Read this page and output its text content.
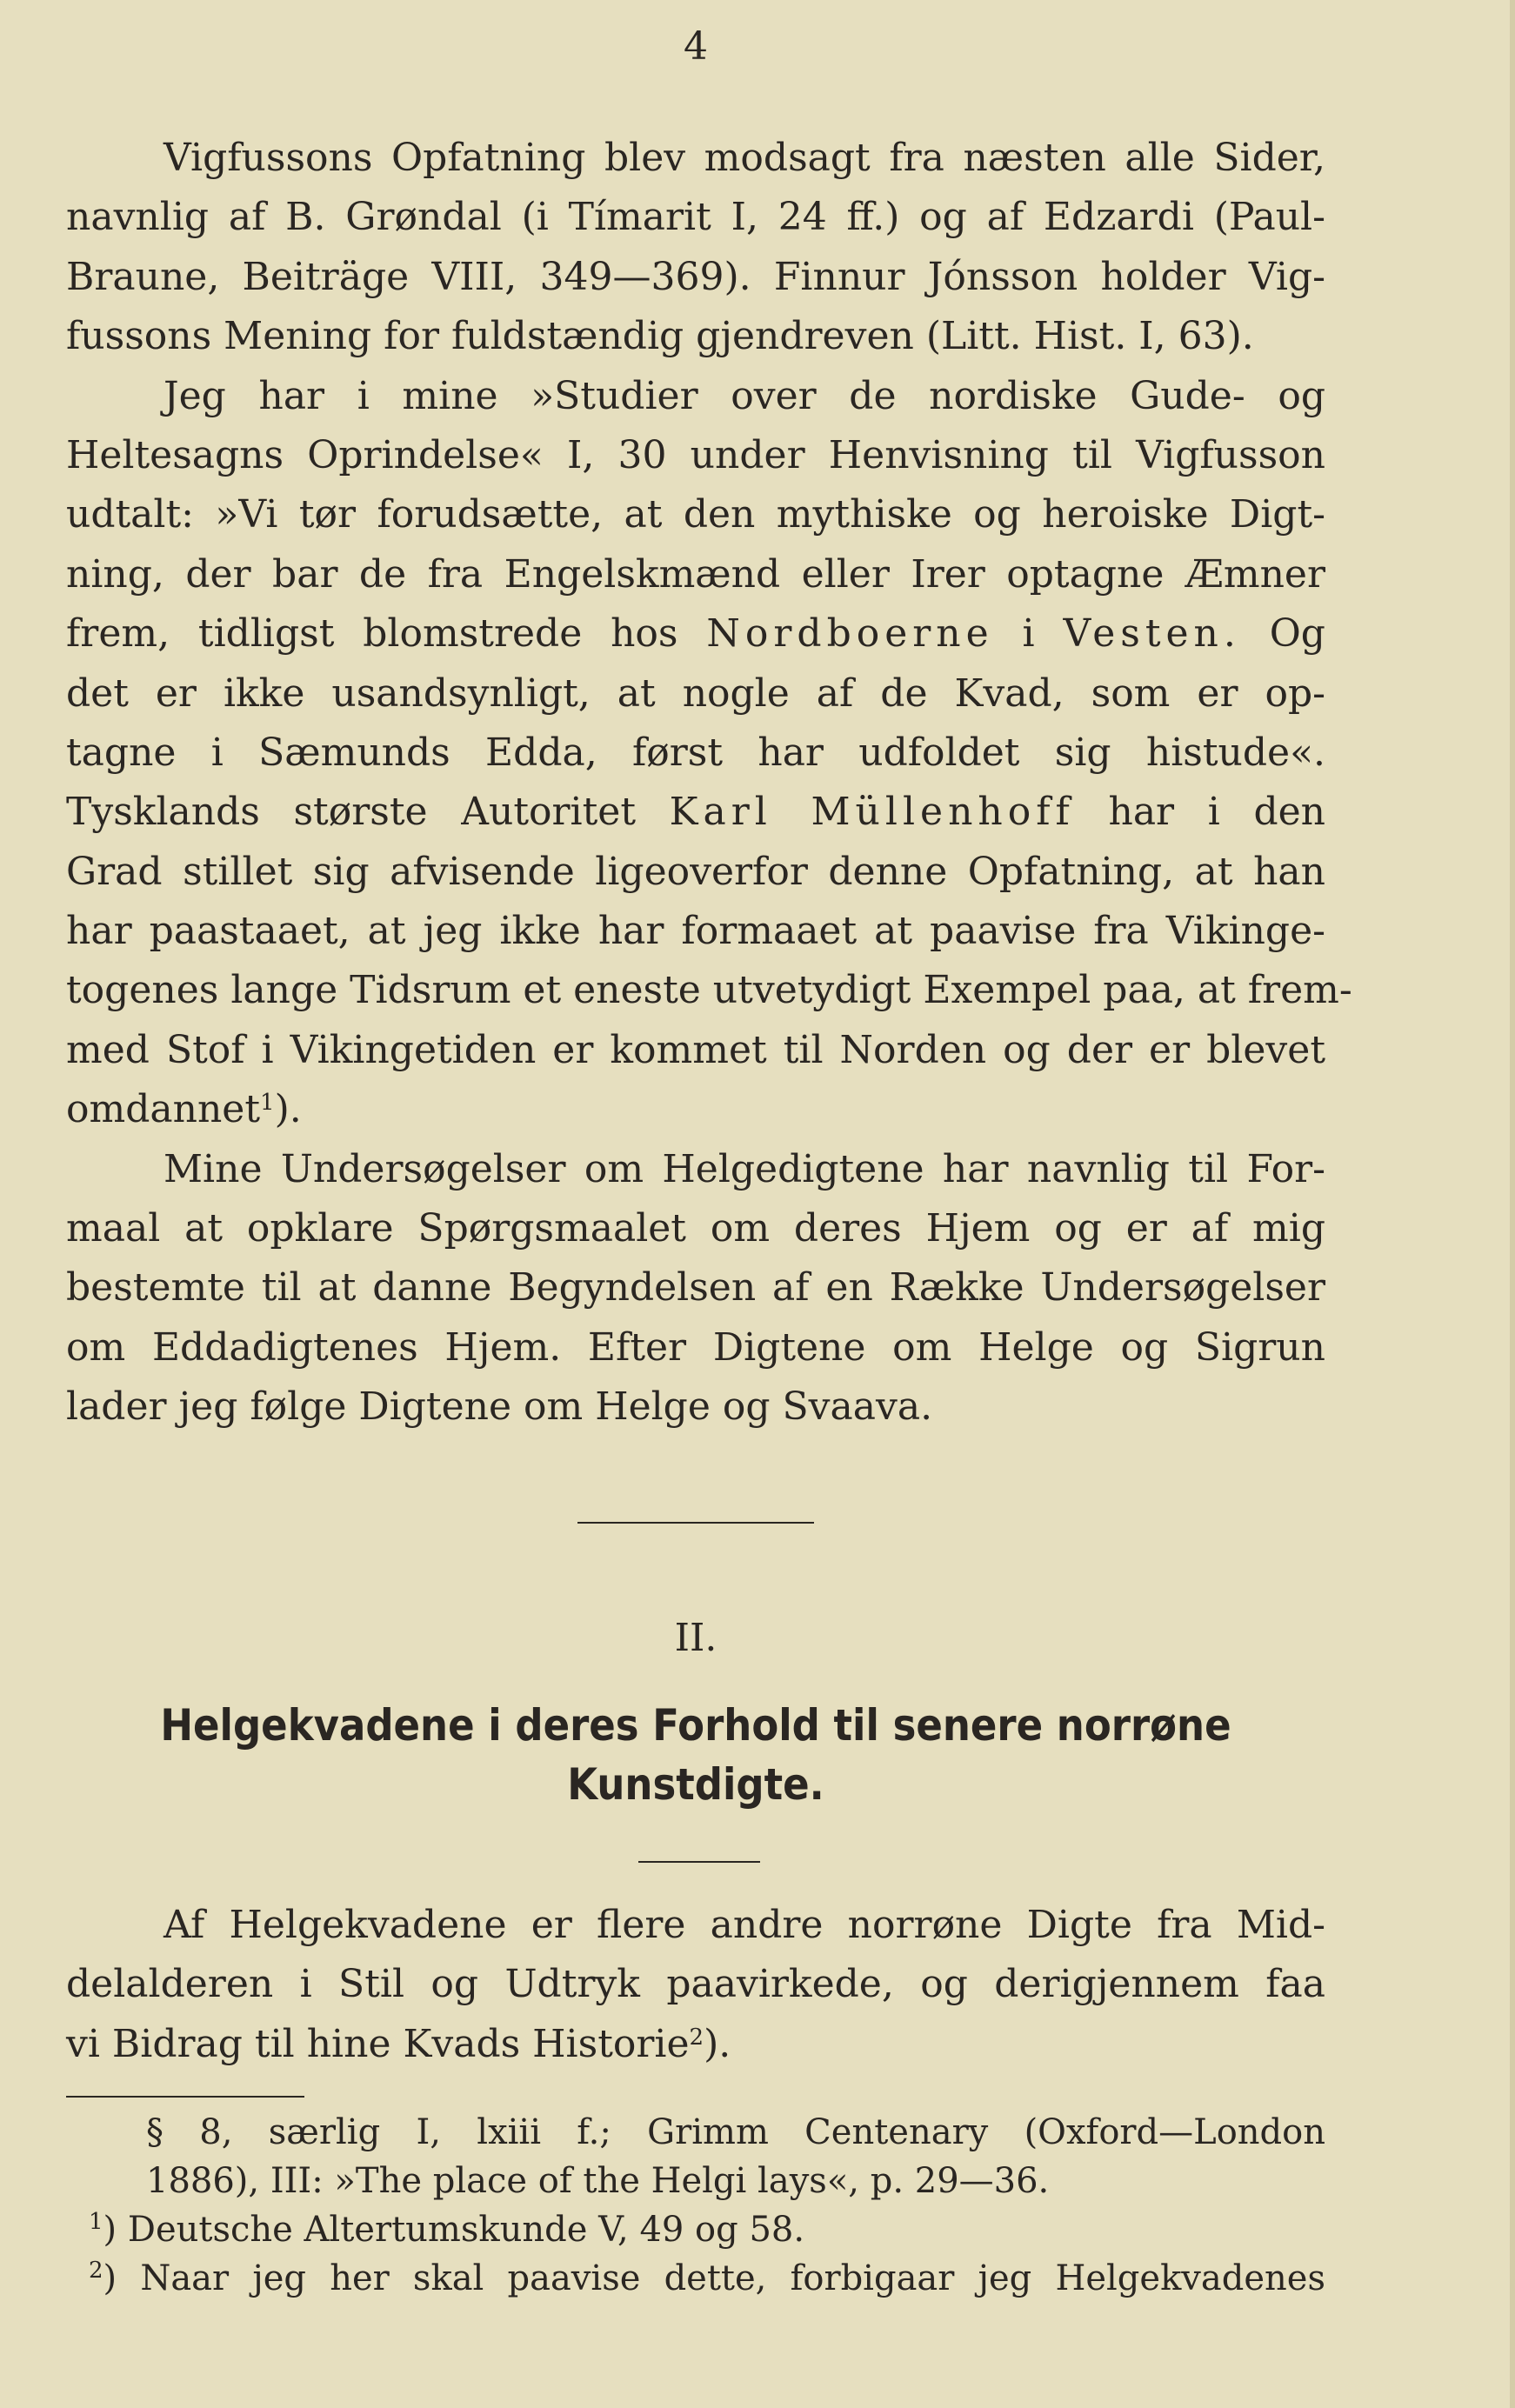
4
Vigfussons Opfatning blev modsagt fra næsten alle Sider,
navnlig af B. Grøndal (i Tímarit I, 24 ff.) og af Edzardi (Paul-
Braune, Beiträge VIII, 349—369). Finnur Jónsson holder Vig-
fussons Mening for fuldstændig gjendreven (Litt. Hist. I, 63).
Jeg har i mine »Studier over de nordiske Gude- og
Heltesagns Oprindelse« I, 30 under Henvisning til Vigfusson
udtalt: »Vi tør forudsætte, at den mythiske og heroiske Digt-
ning, der bar de fra Engelskmænd eller Irer optagne Æmner
frem, tidligst blomstrede hos Nordboerne i Vesten. Og
det er ikke usandsynligt, at nogle af de Kvad, som er op-
tagne i Sæmunds Edda, først har udfoldet sig histude«.
Tysklands største Autoritet Karl Müllenhoff har i den
Grad stillet sig afvisende ligeoverfor denne Opfatning, at han
har paastaaet, at jeg ikke har formaaet at paavise fra Vikinge-
togenes lange Tidsrum et eneste utvetydigt Exempel paa, at frem-
med Stof i Vikingetiden er kommet til Norden og der er blevet
omdannet$^1$).
Mine Undersøgelser om Helgedigtene har navnlig til For-
maal at opklare Spørgsmaalet om deres Hjem og er af mig
bestemte til at danne Begyndelsen af en Række Undersøgelser
om Eddadigtenes Hjem. Efter Digtene om Helge og Sigrun
lader jeg følge Digtene om Helge og Svaava.
II.
Helgekvadene i deres Forhold til senere norrøne
Kunstdigte.
Af Helgekvadene er flere andre norrøne Digte fra Mid-
delalderen i Stil og Udtryk paavirkede, og derigjennem faa
vi Bidrag til hine Kvads Historie$^2$).
§ 8, særlig I, lxiii f.; Grimm Centenary (Oxford—London
1886), III: »The place of the Helgi lays«, p. 29—36.
$^1$) Deutsche Altertumskunde V, 49 og 58.
$^2$) Naar jeg her skal paavise dette, forbigaar jeg Helgekvadenes
